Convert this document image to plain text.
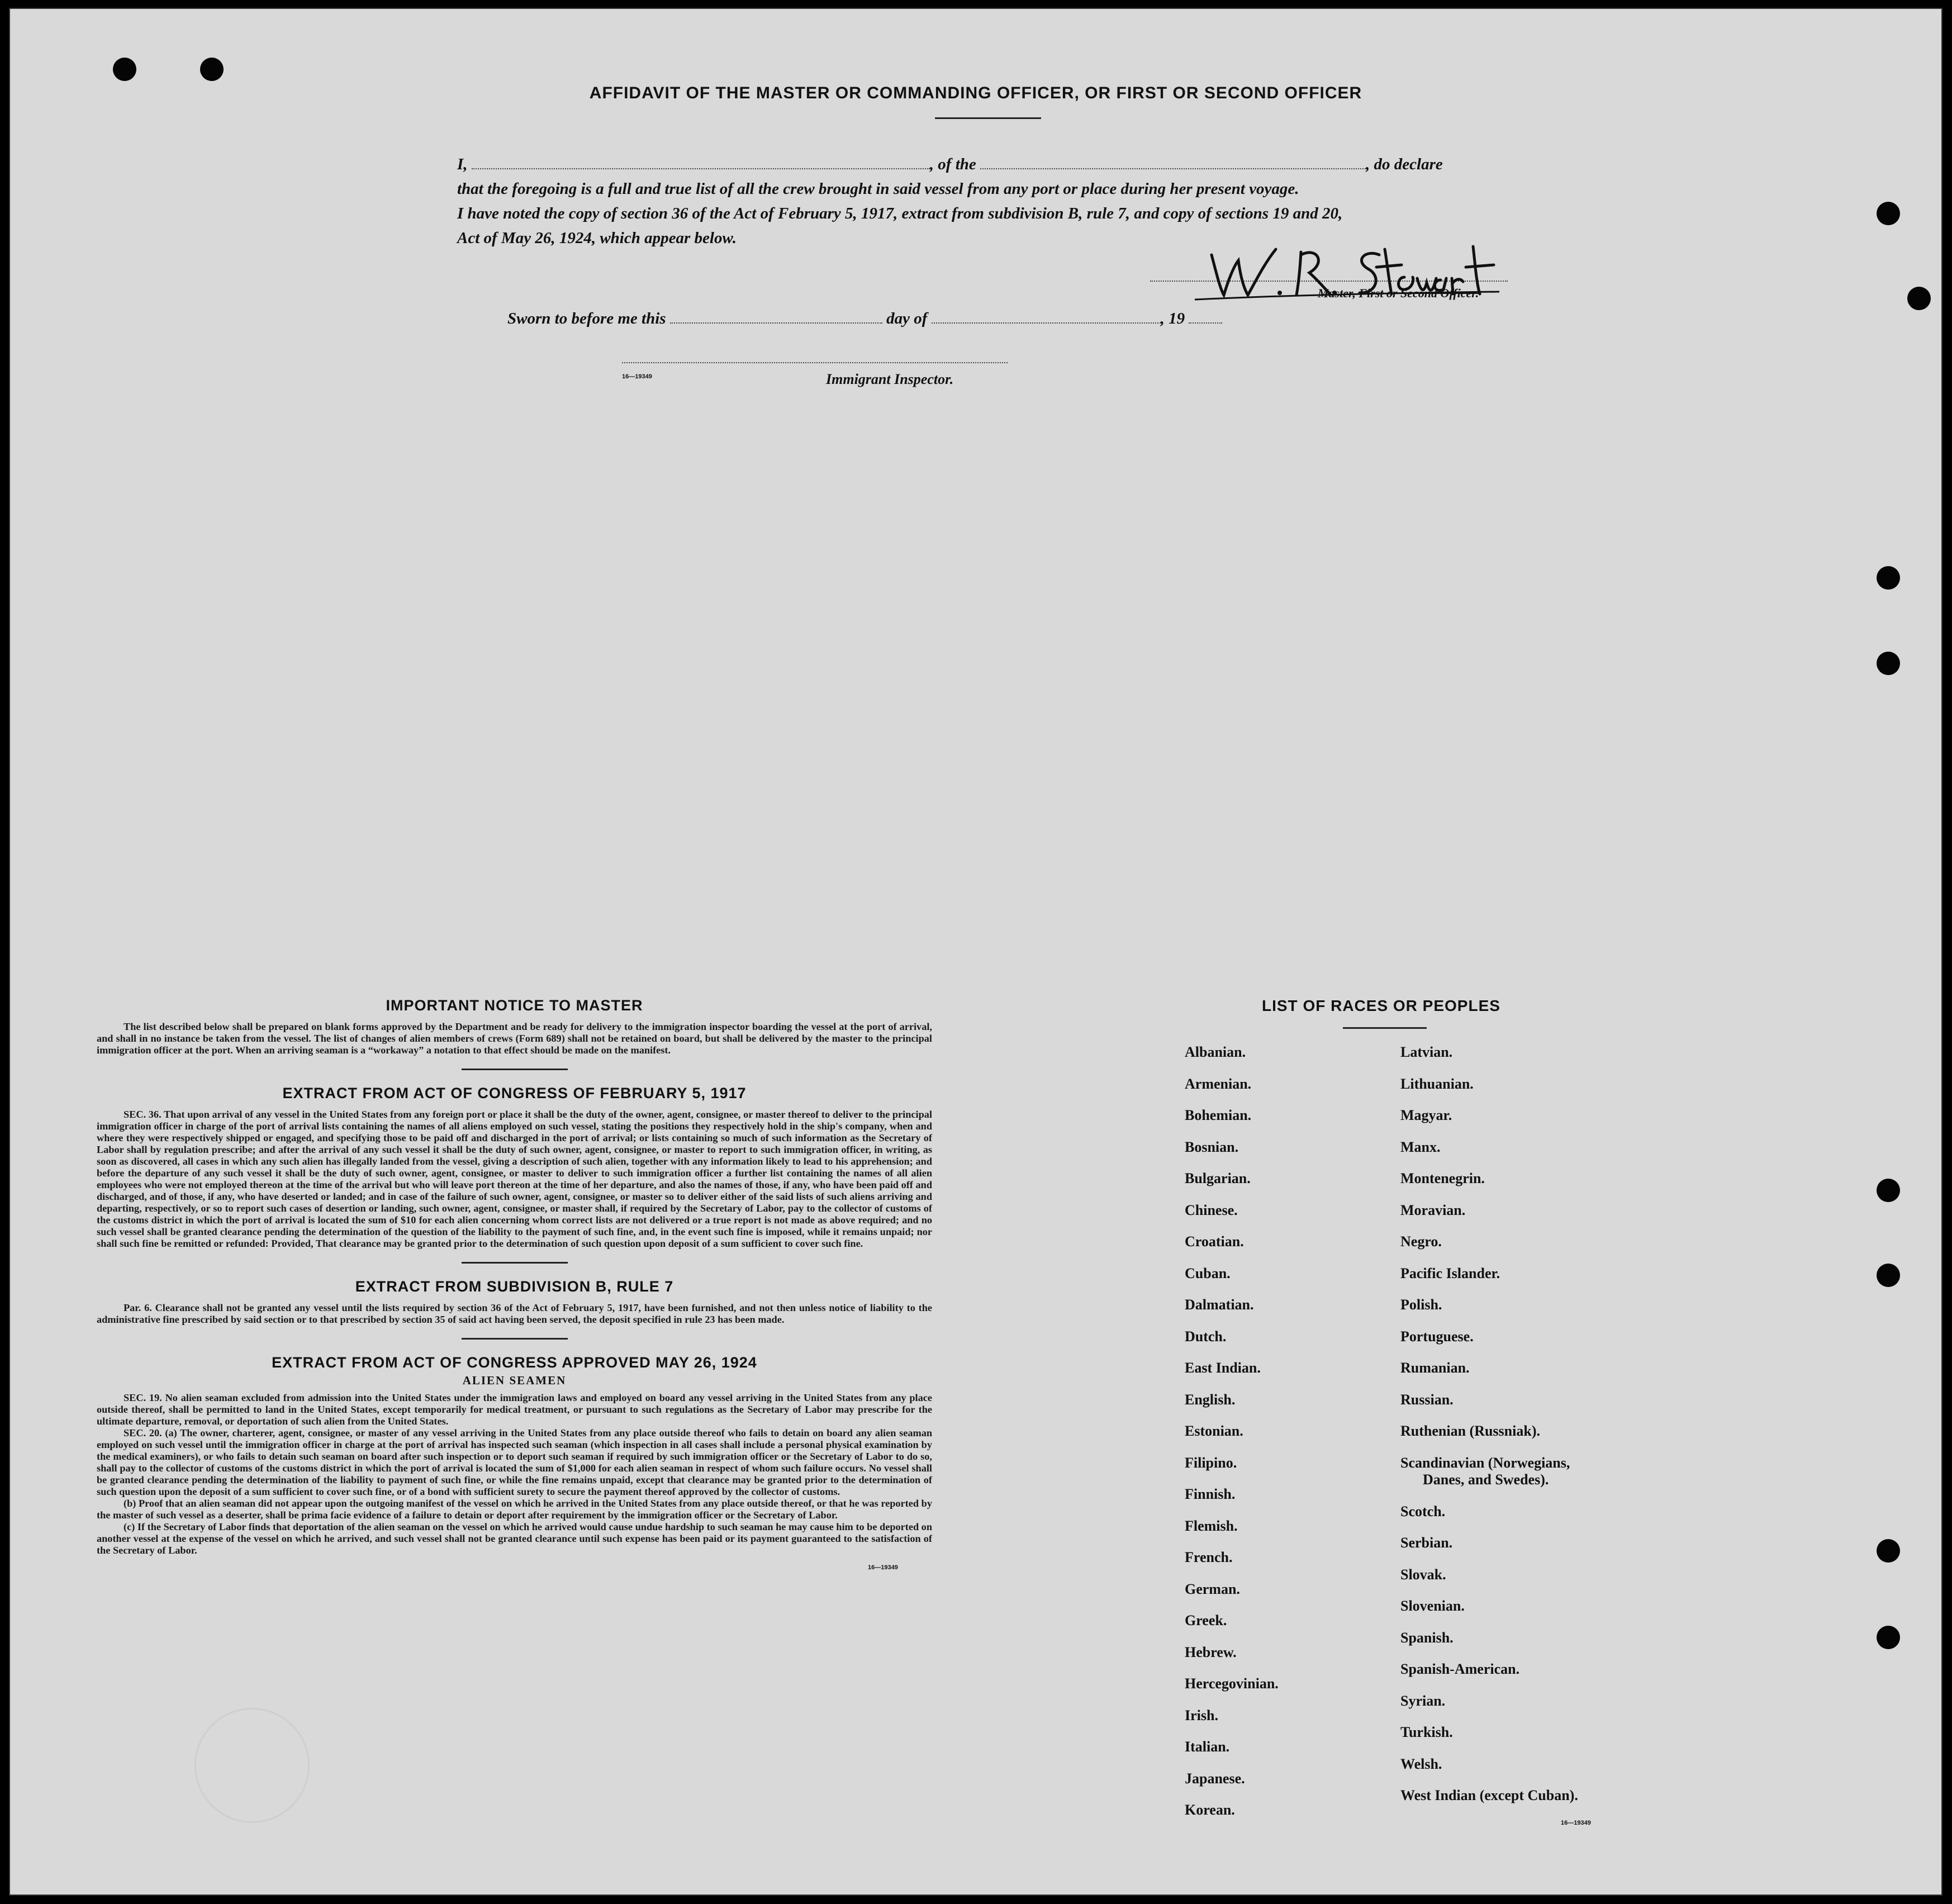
AFFIDAVIT OF THE MASTER OR COMMANDING OFFICER, OR FIRST OR SECOND OFFICER
I,	, of the	, do declare
that the foregoing is a full and true list of all the crew brought in said vessel from any port or place during her present voyage.
I have noted the copy of section 36 of the Act of February 5, 1917, extract from subdivision B, rule 7, and copy of sections 19 and 20,
Act of May 26, 1924, which appear below.
Master, First or Second Officer.
Sworn to before me this	day of	, 19
16—19349	Immigrant Inspector.
IMPORTANT NOTICE TO MASTER

The list described below shall be prepared on blank forms approved by the Department and be ready for delivery to the immigration inspector boarding the vessel at the port of arrival, and shall in no instance be taken from the vessel. The list of changes of alien members of crews (Form 689) shall not be retained on board, but shall be delivered by the master to the principal immigration officer at the port. When an arriving seaman is a “workaway” a notation to that effect should be made on the manifest.

EXTRACT FROM ACT OF CONGRESS OF FEBRUARY 5, 1917

SEC. 36. That upon arrival of any vessel in the United States from any foreign port or place it shall be the duty of the owner, agent, consignee, or master thereof to deliver to the principal immigration officer in charge of the port of arrival lists containing the names of all aliens employed on such vessel, stating the positions they respectively hold in the ship's company, when and where they were respectively shipped or engaged, and specifying those to be paid off and discharged in the port of arrival; or lists containing so much of such information as the Secretary of Labor shall by regulation prescribe; and after the arrival of any such vessel it shall be the duty of such owner, agent, consignee, or master to report to such immigration officer, in writing, as soon as discovered, all cases in which any such alien has illegally landed from the vessel, giving a description of such alien, together with any information likely to lead to his apprehension; and before the departure of any such vessel it shall be the duty of such owner, agent, consignee, or master to deliver to such immigration officer a further list containing the names of all alien employees who were not employed thereon at the time of the arrival but who will leave port thereon at the time of her departure, and also the names of those, if any, who have been paid off and discharged, and of those, if any, who have deserted or landed; and in case of the failure of such owner, agent, consignee, or master so to deliver either of the said lists of such aliens arriving and departing, respectively, or so to report such cases of desertion or landing, such owner, agent, consignee, or master shall, if required by the Secretary of Labor, pay to the collector of customs of the customs district in which the port of arrival is located the sum of $10 for each alien concerning whom correct lists are not delivered or a true report is not made as above required; and no such vessel shall be granted clearance pending the determination of the question of the liability to the payment of such fine, and, in the event such fine is imposed, while it remains unpaid; nor shall such fine be remitted or refunded: Provided, That clearance may be granted prior to the determination of such question upon deposit of a sum sufficient to cover such fine.

EXTRACT FROM SUBDIVISION B, RULE 7

Par. 6. Clearance shall not be granted any vessel until the lists required by section 36 of the Act of February 5, 1917, have been furnished, and not then unless notice of liability to the administrative fine prescribed by said section or to that prescribed by section 35 of said act having been served, the deposit specified in rule 23 has been made.

EXTRACT FROM ACT OF CONGRESS APPROVED MAY 26, 1924
ALIEN SEAMEN

SEC. 19. No alien seaman excluded from admission into the United States under the immigration laws and employed on board any vessel arriving in the United States from any place outside thereof, shall be permitted to land in the United States, except temporarily for medical treatment, or pursuant to such regulations as the Secretary of Labor may prescribe for the ultimate departure, removal, or deportation of such alien from the United States.

SEC. 20. (a) The owner, charterer, agent, consignee, or master of any vessel arriving in the United States from any place outside thereof who fails to detain on board any alien seaman employed on such vessel until the immigration officer in charge at the port of arrival has inspected such seaman (which inspection in all cases shall include a personal physical examination by the medical examiners), or who fails to detain such seaman on board after such inspection or to deport such seaman if required by such immigration officer or the Secretary of Labor to do so, shall pay to the collector of customs of the customs district in which the port of arrival is located the sum of $1,000 for each alien seaman in respect of whom such failure occurs. No vessel shall be granted clearance pending the determination of the liability to payment of such fine, or while the fine remains unpaid, except that clearance may be granted prior to the determination of such question upon the deposit of a sum sufficient to cover such fine, or of a bond with sufficient surety to secure the payment thereof approved by the collector of customs.

(b) Proof that an alien seaman did not appear upon the outgoing manifest of the vessel on which he arrived in the United States from any place outside thereof, or that he was reported by the master of such vessel as a deserter, shall be prima facie evidence of a failure to detain or deport after requirement by the immigration officer or the Secretary of Labor.

(c) If the Secretary of Labor finds that deportation of the alien seaman on the vessel on which he arrived would cause undue hardship to such seaman he may cause him to be deported on another vessel at the expense of the vessel on which he arrived, and such vessel shall not be granted clearance until such expense has been paid or its payment guaranteed to the satisfaction of the Secretary of Labor.

16—19349
LIST OF RACES OR PEOPLES
Albanian.
Armenian.
Bohemian.
Bosnian.
Bulgarian.
Chinese.
Croatian.
Cuban.
Dalmatian.
Dutch.
East Indian.
English.
Estonian.
Filipino.
Finnish.
Flemish.
French.
German.
Greek.
Hebrew.
Hercegovinian.
Irish.
Italian.
Japanese.
Korean.
Latvian.
Lithuanian.
Magyar.
Manx.
Montenegrin.
Moravian.
Negro.
Pacific Islander.
Polish.
Portuguese.
Rumanian.
Russian.
Ruthenian (Russniak).
Scandinavian (Norwegians,
Danes, and Swedes).
Scotch.
Serbian.
Slovak.
Slovenian.
Spanish.
Spanish-American.
Syrian.
Turkish.
Welsh.
West Indian (except Cuban).
16—19349
